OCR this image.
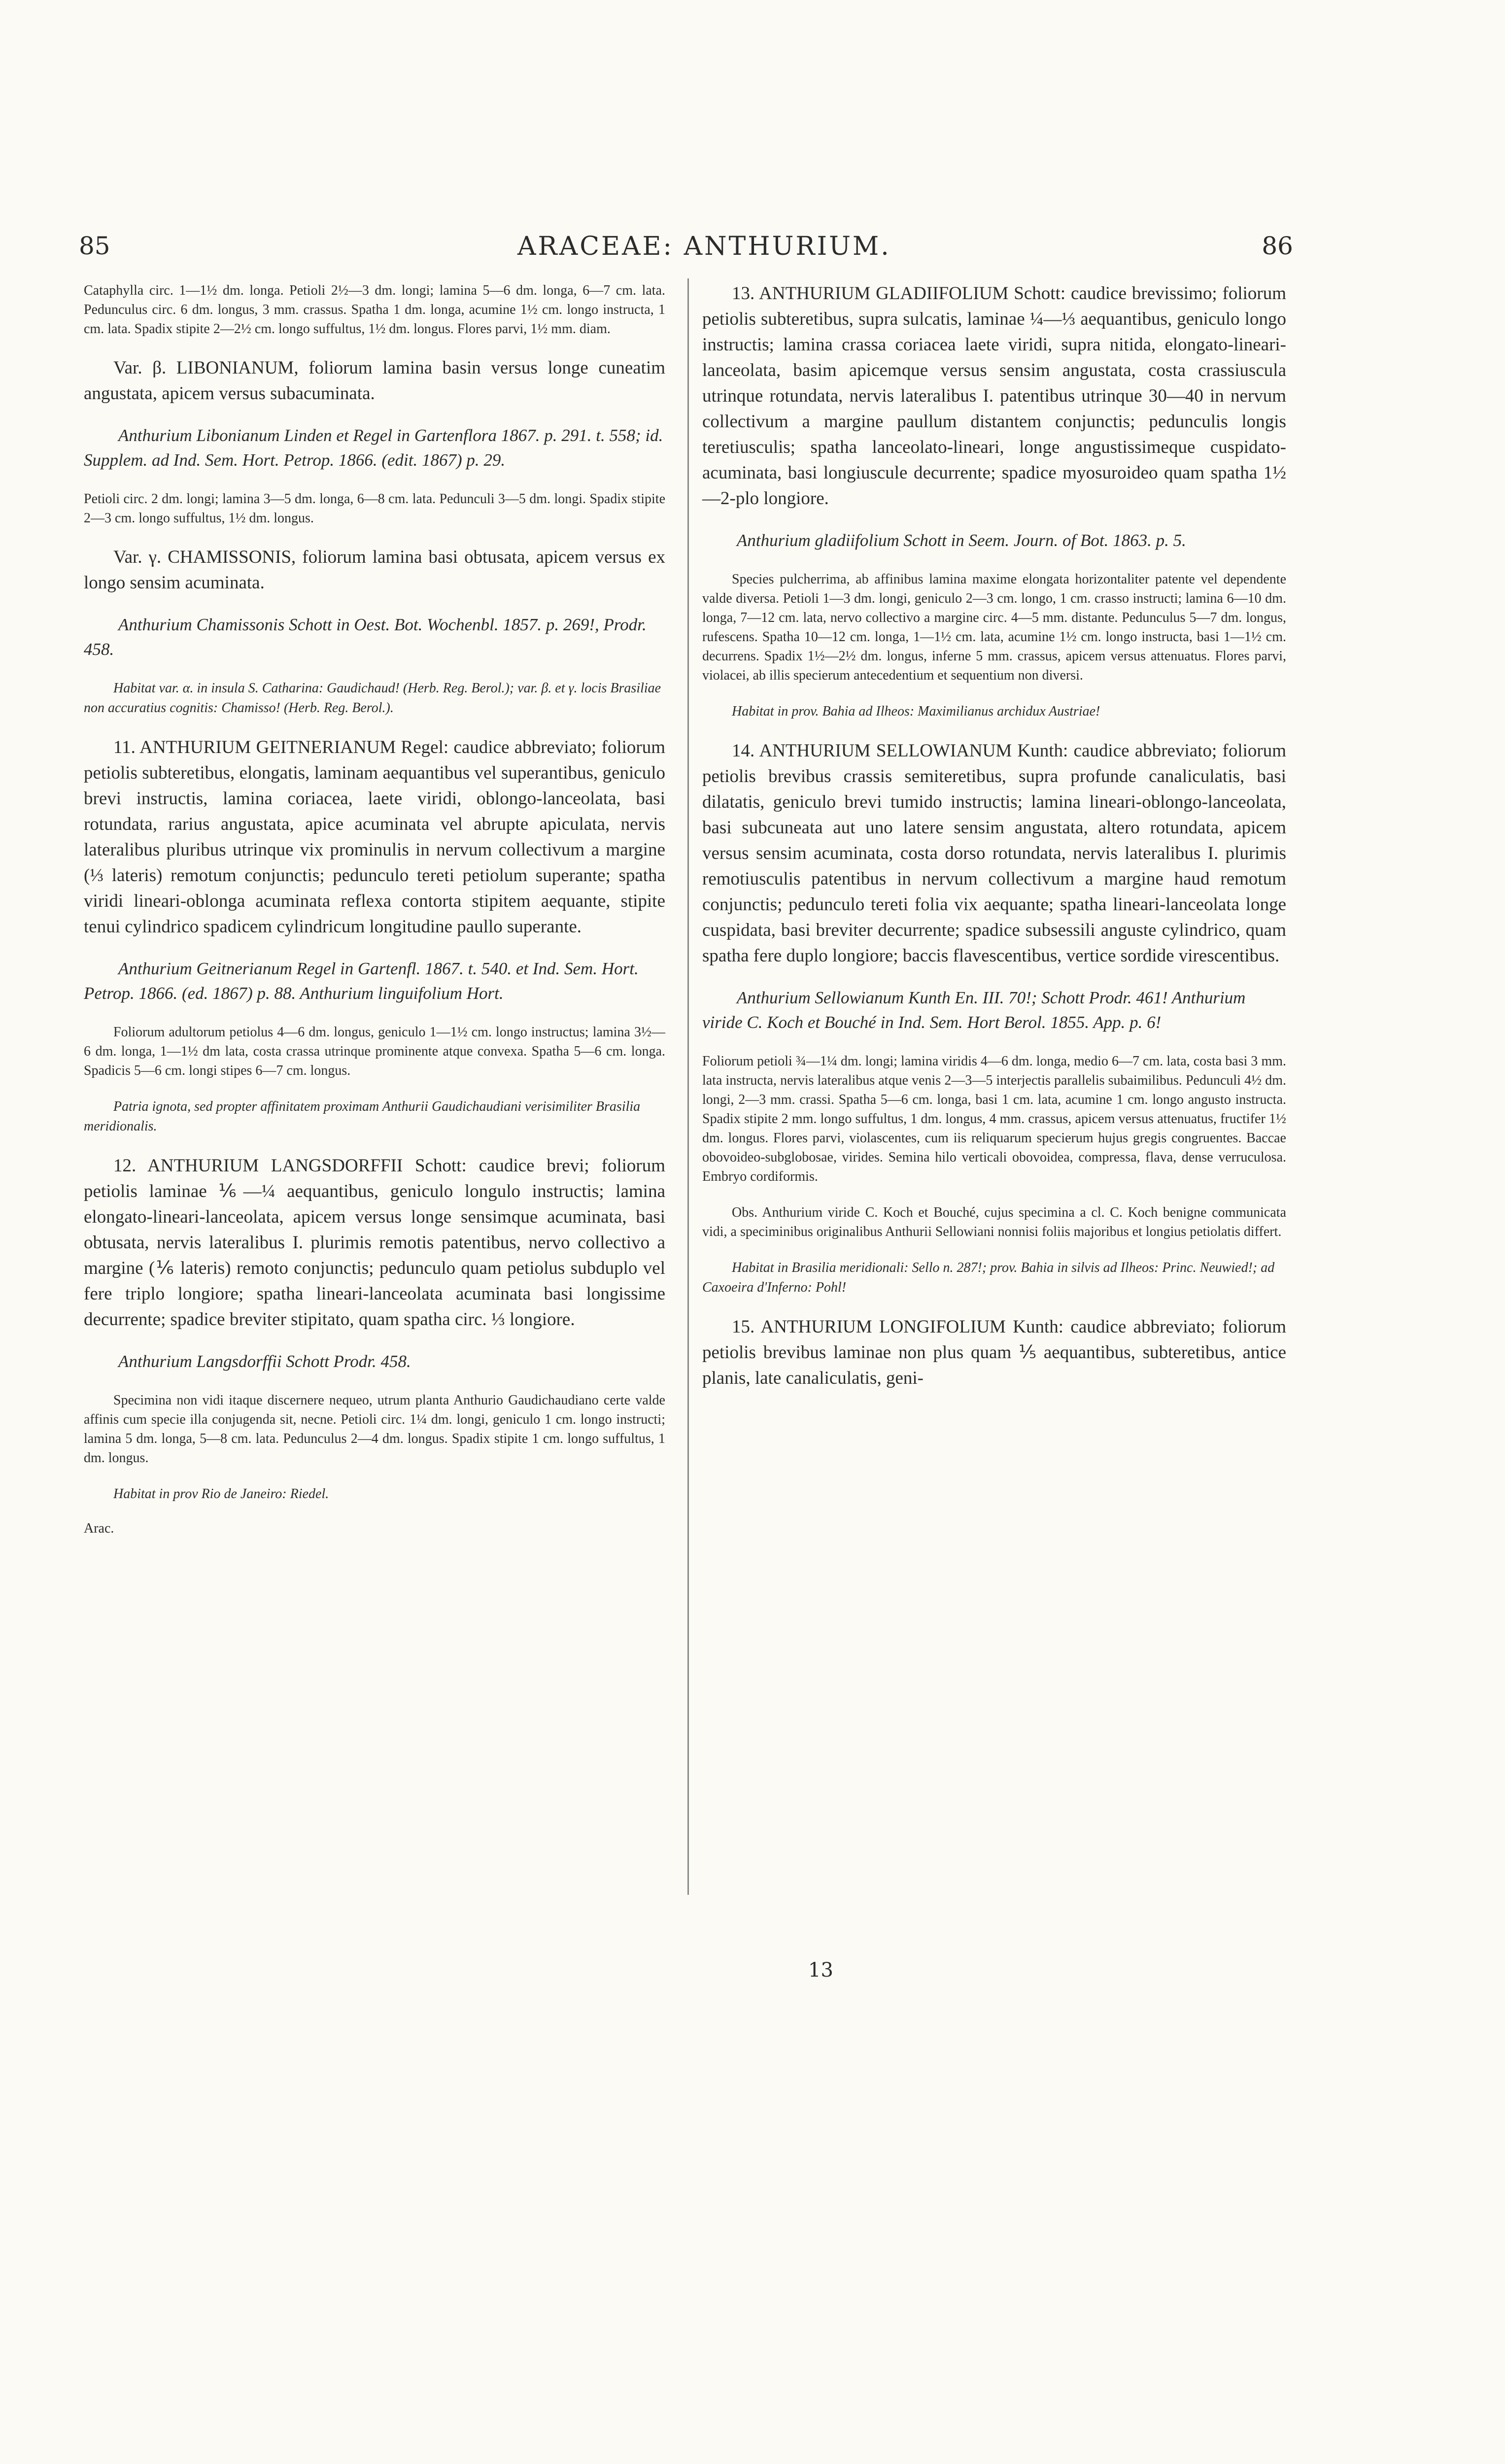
85	ARACEAE: ANTHURIUM.	86
Cataphylla circ. 1—1½ dm. longa. Petioli 2½—3 dm. longi; lamina 5—6 dm. longa, 6—7 cm. lata. Pedunculus circ. 6 dm. longus, 3 mm. crassus. Spatha 1 dm. longa, acumine 1½ cm. longo instructa, 1 cm. lata. Spadix stipite 2—2½ cm. longo suffultus, 1½ dm. longus. Flores parvi, 1½ mm. diam.
Var. β. LIBONIANUM, foliorum lamina basin versus longe cuneatim angustata, apicem versus subacuminata.
Anthurium Libonianum Linden et Regel in Gartenflora 1867. p. 291. t. 558; id. Supplem. ad Ind. Sem. Hort. Petrop. 1866. (edit. 1867) p. 29.
Petioli circ. 2 dm. longi; lamina 3—5 dm. longa, 6—8 cm. lata. Pedunculi 3—5 dm. longi. Spadix stipite 2—3 cm. longo suffultus, 1½ dm. longus.
Var. γ. CHAMISSONIS, foliorum lamina basi obtusata, apicem versus ex longo sensim acuminata.
Anthurium Chamissonis Schott in Oest. Bot. Wochenbl. 1857. p. 269!, Prodr. 458.
Habitat var. α. in insula S. Catharina: Gaudichaud! (Herb. Reg. Berol.); var. β. et γ. locis Brasiliae non accuratius cognitis: Chamisso! (Herb. Reg. Berol.).
11. ANTHURIUM GEITNERIANUM Regel: caudice abbreviato; foliorum petiolis subteretibus, elongatis, laminam aequantibus vel superantibus, geniculo brevi instructis, lamina coriacea, laete viridi, oblongo-lanceolata, basi rotundata, rarius angustata, apice acuminata vel abrupte apiculata, nervis lateralibus pluribus utrinque vix prominulis in nervum collectivum a margine (⅓ lateris) remotum conjunctis; pedunculo tereti petiolum superante; spatha viridi lineari-oblonga acuminata reflexa contorta stipitem aequante, stipite tenui cylindrico spadicem cylindricum longitudine paullo superante.
Anthurium Geitnerianum Regel in Gartenfl. 1867. t. 540. et Ind. Sem. Hort. Petrop. 1866. (ed. 1867) p. 88. Anthurium linguifolium Hort.
Foliorum adultorum petiolus 4—6 dm. longus, geniculo 1—1½ cm. longo instructus; lamina 3½—6 dm. longa, 1—1½ dm lata, costa crassa utrinque prominente atque convexa. Spatha 5—6 cm. longa. Spadicis 5—6 cm. longi stipes 6—7 cm. longus.
Patria ignota, sed propter affinitatem proximam Anthurii Gaudichaudiani verisimiliter Brasilia meridionalis.
12. ANTHURIUM LANGSDORFFII Schott: caudice brevi; foliorum petiolis laminae ⅙—¼ aequantibus, geniculo longulo instructis; lamina elongato-lineari-lanceolata, apicem versus longe sensimque acuminata, basi obtusata, nervis lateralibus I. plurimis remotis patentibus, nervo collectivo a margine (⅙ lateris) remoto conjunctis; pedunculo quam petiolus subduplo vel fere triplo longiore; spatha lineari-lanceolata acuminata basi longissime decurrente; spadice breviter stipitato, quam spatha circ. ⅓ longiore.
Anthurium Langsdorffii Schott Prodr. 458.
Specimina non vidi itaque discernere nequeo, utrum planta Anthurio Gaudichaudiano certe valde affinis cum specie illa conjugenda sit, necne. Petioli circ. 1¼ dm. longi, geniculo 1 cm. longo instructi; lamina 5 dm. longa, 5—8 cm. lata. Pedunculus 2—4 dm. longus. Spadix stipite 1 cm. longo suffultus, 1 dm. longus.
Habitat in prov Rio de Janeiro: Riedel.
Arac.
13. ANTHURIUM GLADIIFOLIUM Schott: caudice brevissimo; foliorum petiolis subteretibus, supra sulcatis, laminae ¼—⅓ aequantibus, geniculo longo instructis; lamina crassa coriacea laete viridi, supra nitida, elongato-lineari-lanceolata, basim apicemque versus sensim angustata, costa crassiuscula utrinque rotundata, nervis lateralibus I. patentibus utrinque 30—40 in nervum collectivum a margine paullum distantem conjunctis; pedunculis longis teretiusculis; spatha lanceolato-lineari, longe angustissimeque cuspidato-acuminata, basi longiuscule decurrente; spadice myosuroideo quam spatha 1½—2-plo longiore.
Anthurium gladiifolium Schott in Seem. Journ. of Bot. 1863. p. 5.
Species pulcherrima, ab affinibus lamina maxime elongata horizontaliter patente vel dependente valde diversa. Petioli 1—3 dm. longi, geniculo 2—3 cm. longo, 1 cm. crasso instructi; lamina 6—10 dm. longa, 7—12 cm. lata, nervo collectivo a margine circ. 4—5 mm. distante. Pedunculus 5—7 dm. longus, rufescens. Spatha 10—12 cm. longa, 1—1½ cm. lata, acumine 1½ cm. longo instructa, basi 1—1½ cm. decurrens. Spadix 1½—2½ dm. longus, inferne 5 mm. crassus, apicem versus attenuatus. Flores parvi, violacei, ab illis specierum antecedentium et sequentium non diversi.
Habitat in prov. Bahia ad Ilheos: Maximilianus archidux Austriae!
14. ANTHURIUM SELLOWIANUM Kunth: caudice abbreviato; foliorum petiolis brevibus crassis semiteretibus, supra profunde canaliculatis, basi dilatatis, geniculo brevi tumido instructis; lamina lineari-oblongo-lanceolata, basi subcuneata aut uno latere sensim angustata, altero rotundata, apicem versus sensim acuminata, costa dorso rotundata, nervis lateralibus I. plurimis remotiusculis patentibus in nervum collectivum a margine haud remotum conjunctis; pedunculo tereti folia vix aequante; spatha lineari-lanceolata longe cuspidata, basi breviter decurrente; spadice subsessili anguste cylindrico, quam spatha fere duplo longiore; baccis flavescentibus, vertice sordide virescentibus.
Anthurium Sellowianum Kunth En. III. 70!; Schott Prodr. 461! Anthurium viride C. Koch et Bouché in Ind. Sem. Hort Berol. 1855. App. p. 6!
Foliorum petioli ¾—1¼ dm. longi; lamina viridis 4—6 dm. longa, medio 6—7 cm. lata, costa basi 3 mm. lata instructa, nervis lateralibus atque venis 2—3—5 interjectis parallelis subaimilibus. Pedunculi 4½ dm. longi, 2—3 mm. crassi. Spatha 5—6 cm. longa, basi 1 cm. lata, acumine 1 cm. longo angusto instructa. Spadix stipite 2 mm. longo suffultus, 1 dm. longus, 4 mm. crassus, apicem versus attenuatus, fructifer 1½ dm. longus. Flores parvi, violascentes, cum iis reliquarum specierum hujus gregis congruentes. Baccae obovoideo-subglobosae, virides. Semina hilo verticali obovoidea, compressa, flava, dense verruculosa. Embryo cordiformis.
Obs. Anthurium viride C. Koch et Bouché, cujus specimina a cl. C. Koch benigne communicata vidi, a speciminibus originalibus Anthurii Sellowiani nonnisi foliis majoribus et longius petiolatis differt.
Habitat in Brasilia meridionali: Sello n. 287!; prov. Bahia in silvis ad Ilheos: Princ. Neuwied!; ad Caxoeira d'Inferno: Pohl!
15. ANTHURIUM LONGIFOLIUM Kunth: caudice abbreviato; foliorum petiolis brevibus laminae non plus quam ⅕ aequantibus, subteretibus, antice planis, late canaliculatis, geni-
13
